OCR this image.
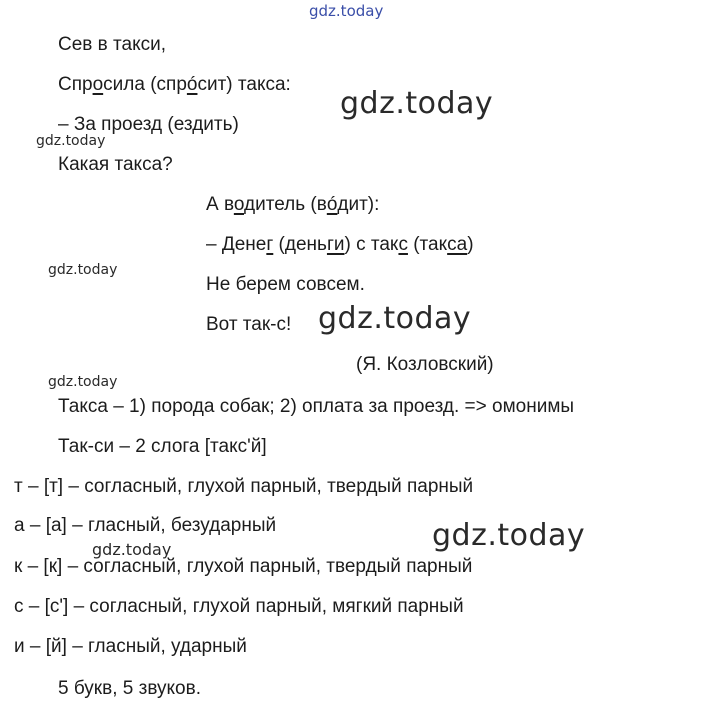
gdz.today
gdz.today
gdz.today
gdz.today
gdz.today
gdz.today
gdz.today
gdz.today
Сев в такси,
Спросила (спрóсит) такса:
– За проезд (ездить)
Какая такса?
А водитель (вóдит):
– Денег (деньги) с такс (такса)
Не берем совсем.
Вот так-с!
(Я. Козловский)
Такса – 1) порода собак; 2) оплата за проезд. => омонимы
Так-си – 2 слога [такс'й]
т – [т] – согласный, глухой парный, твердый парный
а – [а] – гласный, безударный
к – [к] – согласный, глухой парный, твердый парный
с – [с'] – согласный, глухой парный, мягкий парный
и – [й] – гласный, ударный
5 букв, 5 звуков.
